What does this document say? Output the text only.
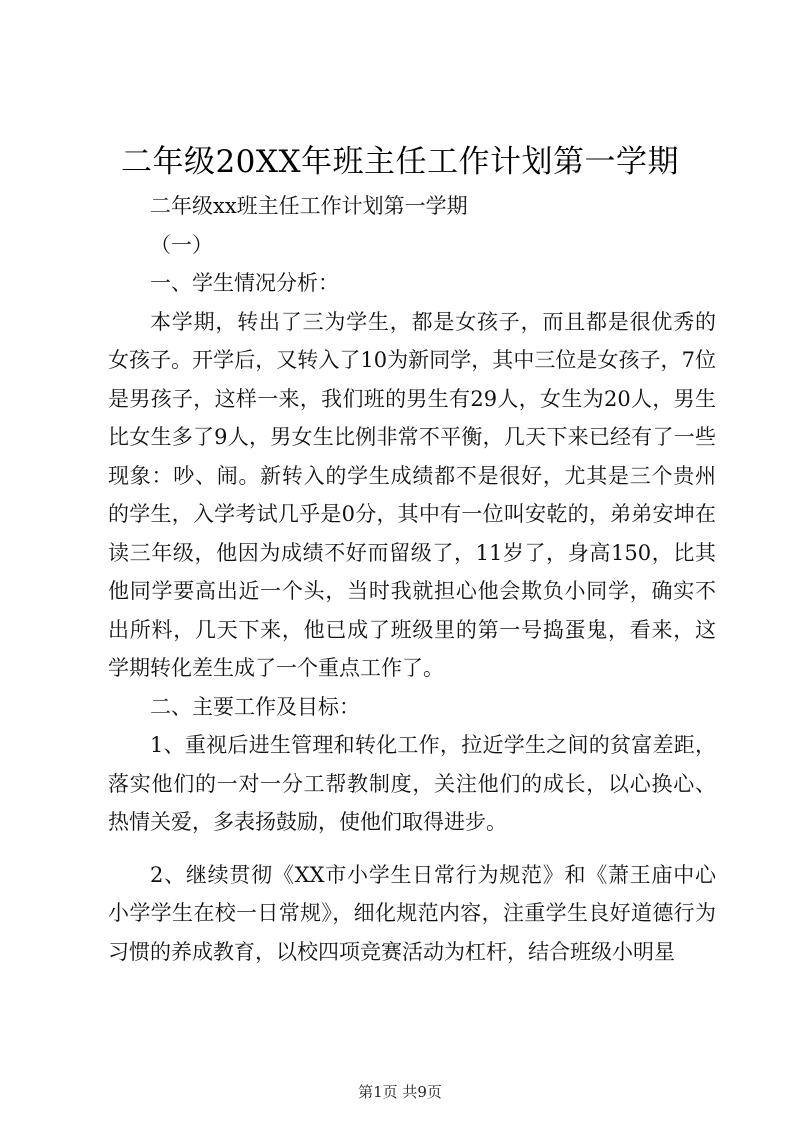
二年级20XX年班主任工作计划第一学期

二年级xx班主任工作计划第一学期

（一）

一、学生情况分析：

本学期，转出了三为学生，都是女孩子，而且都是很优秀的女孩子。开学后，又转入了10为新同学，其中三位是女孩子，7位是男孩子，这样一来，我们班的男生有29人，女生为20人，男生比女生多了9人，男女生比例非常不平衡，几天下来已经有了一些现象：吵、闹。新转入的学生成绩都不是很好，尤其是三个贵州的学生，入学考试几乎是0分，其中有一位叫安乾的，弟弟安坤在读三年级，他因为成绩不好而留级了，11岁了，身高150，比其他同学要高出近一个头，当时我就担心他会欺负小同学，确实不出所料，几天下来，他已成了班级里的第一号捣蛋鬼，看来，这学期转化差生成了一个重点工作了。

二、主要工作及目标：

1、重视后进生管理和转化工作，拉近学生之间的贫富差距，落实他们的一对一分工帮教制度，关注他们的成长，以心换心、热情关爱，多表扬鼓励，使他们取得进步。

2、继续贯彻《XX市小学生日常行为规范》和《萧王庙中心小学学生在校一日常规》，细化规范内容，注重学生良好道德行为习惯的养成教育，以校四项竞赛活动为杠杆，结合班级小明星

第1页 共9页
